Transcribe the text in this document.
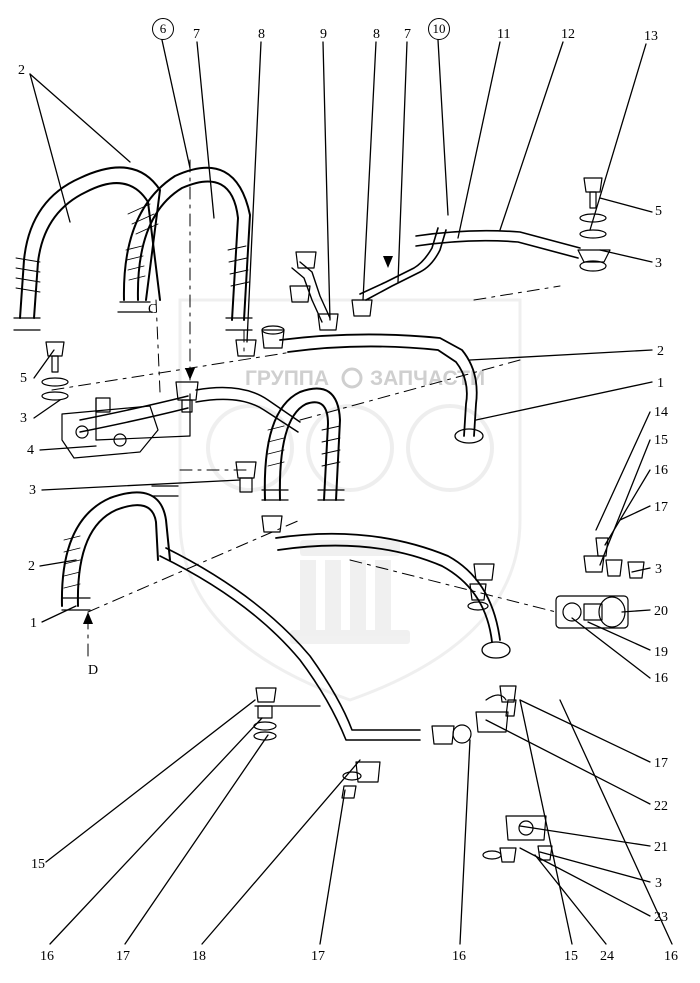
ГРУППА ЗАПЧАСТИ
6	10
7	8	9	8 7	11	12	13
2
5
3
4
3
2
1
5
3
2
1
14
15
16
17
3
20
19
16
17
22
21
3
23
15
16	17	18	17	16	15 24	16
C
D
